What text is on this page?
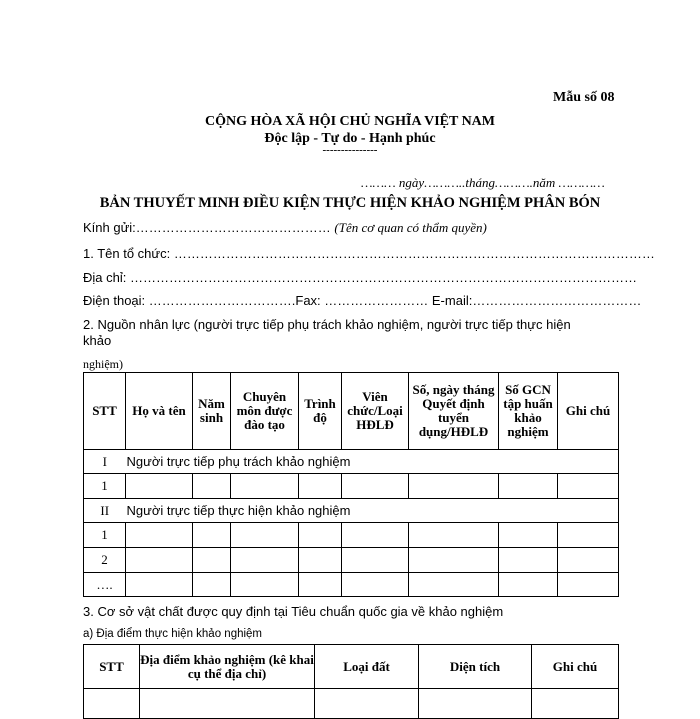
Mẫu số 08
CỘNG HÒA XÃ HỘI CHỦ NGHĨA VIỆT NAM
Độc lập - Tự do - Hạnh phúc
---------------
……… ngày………..tháng……….năm …………
BẢN THUYẾT MINH ĐIỀU KIỆN THỰC HIỆN KHẢO NGHIỆM PHÂN BÓN
Kính gửi:……………………………………… (Tên cơ quan có thẩm quyền)
1. Tên tổ chức: …………………………………………………………………………………………………
Địa chỉ: ………………………………………………………………………………………………………
Điện thoại: …………………………….Fax: …………………… E-mail:…………………………………
2. Nguồn nhân lực (người trực tiếp phụ trách khảo nghiệm, người trực tiếp thực hiện
khảo
nghiệm)
STT	Họ và tên	Năm sinh	Chuyên môn được đào tạo	Trình độ	Viên chức/Loại HĐLĐ	Số, ngày tháng Quyết định tuyển dụng/HĐLĐ	Số GCN tập huấn khảo nghiệm	Ghi chú
I	Người trực tiếp phụ trách khảo nghiệm							
1								
II	Người trực tiếp thực hiện khảo nghiệm							
1								
2								
….								
3. Cơ sở vật chất được quy định tại Tiêu chuẩn quốc gia về khảo nghiệm
a) Địa điểm thực hiện khảo nghiệm
STT	Địa điểm khảo nghiệm (kê khai cụ thể địa chỉ)	Loại đất	Diện tích	Ghi chú
